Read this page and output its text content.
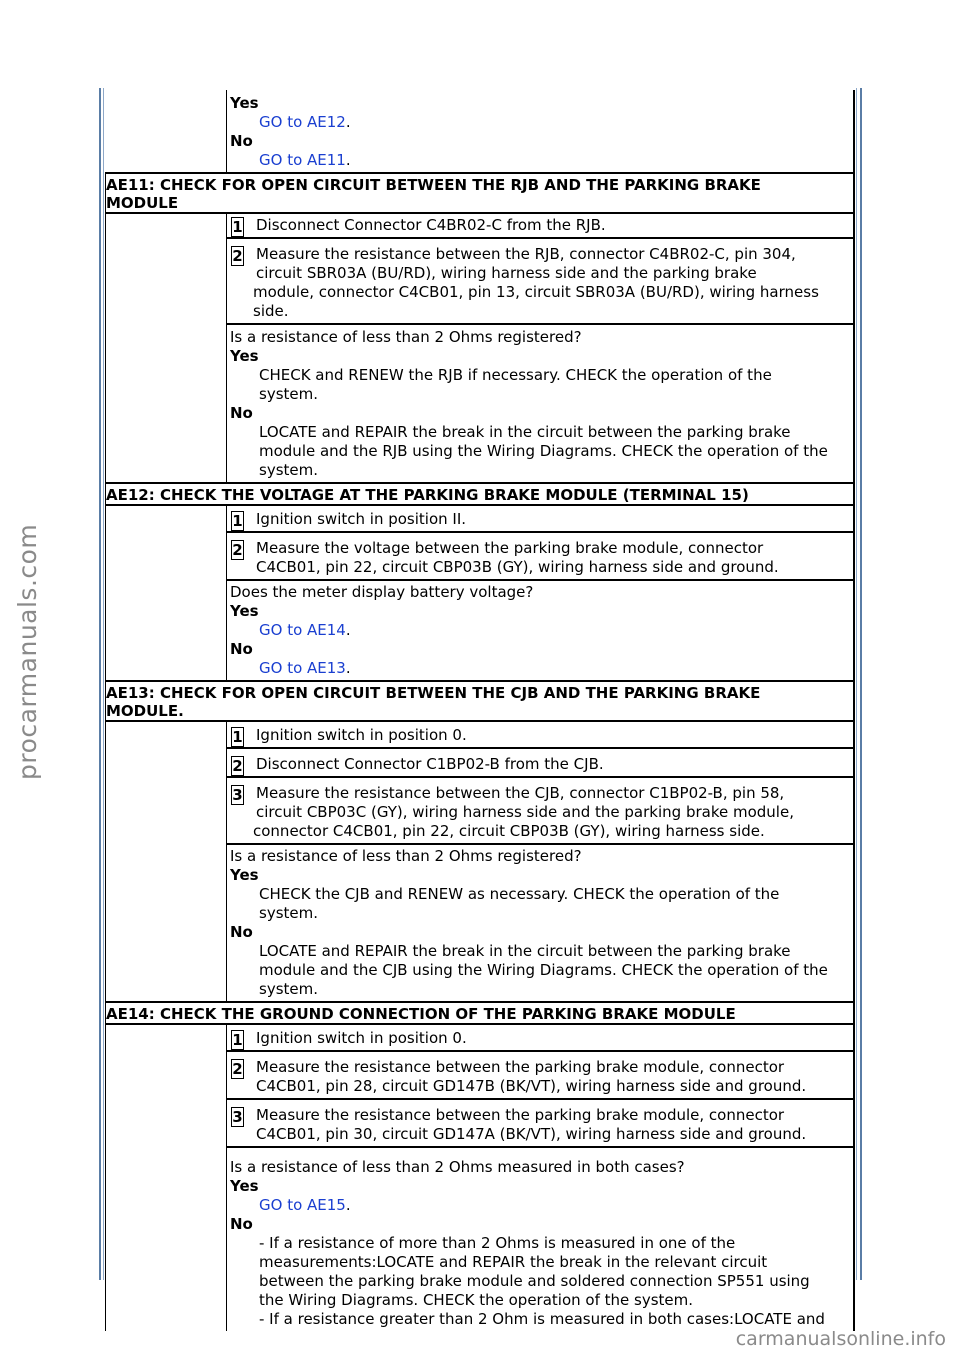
Yes
GO to AE12.
No
GO to AE11.
AE11: CHECK FOR OPEN CIRCUIT BETWEEN THE RJB AND THE PARKING BRAKE
MODULE
1 Disconnect Connector C4BR02-C from the RJB.
2 Measure the resistance between the RJB, connector C4BR02-C, pin 304,
circuit SBR03A (BU/RD), wiring harness side and the parking brake
module, connector C4CB01, pin 13, circuit SBR03A (BU/RD), wiring harness
side.
Is a resistance of less than 2 Ohms registered?
Yes
CHECK and RENEW the RJB if necessary. CHECK the operation of the
system.
No
LOCATE and REPAIR the break in the circuit between the parking brake
module and the RJB using the Wiring Diagrams. CHECK the operation of the
system.
AE12: CHECK THE VOLTAGE AT THE PARKING BRAKE MODULE (TERMINAL 15)
1 Ignition switch in position II.
2 Measure the voltage between the parking brake module, connector
C4CB01, pin 22, circuit CBP03B (GY), wiring harness side and ground.
Does the meter display battery voltage?
Yes
GO to AE14.
No
GO to AE13.
AE13: CHECK FOR OPEN CIRCUIT BETWEEN THE CJB AND THE PARKING BRAKE
MODULE.
1 Ignition switch in position 0.
2 Disconnect Connector C1BP02-B from the CJB.
3 Measure the resistance between the CJB, connector C1BP02-B, pin 58,
circuit CBP03C (GY), wiring harness side and the parking brake module,
connector C4CB01, pin 22, circuit CBP03B (GY), wiring harness side.
Is a resistance of less than 2 Ohms registered?
Yes
CHECK the CJB and RENEW as necessary. CHECK the operation of the
system.
No
LOCATE and REPAIR the break in the circuit between the parking brake
module and the CJB using the Wiring Diagrams. CHECK the operation of the
system.
AE14: CHECK THE GROUND CONNECTION OF THE PARKING BRAKE MODULE
1 Ignition switch in position 0.
2 Measure the resistance between the parking brake module, connector
C4CB01, pin 28, circuit GD147B (BK/VT), wiring harness side and ground.
3 Measure the resistance between the parking brake module, connector
C4CB01, pin 30, circuit GD147A (BK/VT), wiring harness side and ground.
Is a resistance of less than 2 Ohms measured in both cases?
Yes
GO to AE15.
No
- If a resistance of more than 2 Ohms is measured in one of the
measurements:LOCATE and REPAIR the break in the relevant circuit
between the parking brake module and soldered connection SP551 using
the Wiring Diagrams. CHECK the operation of the system.
- If a resistance greater than 2 Ohm is measured in both cases:LOCATE and
procarmanuals.com
carmanualsonline.info
